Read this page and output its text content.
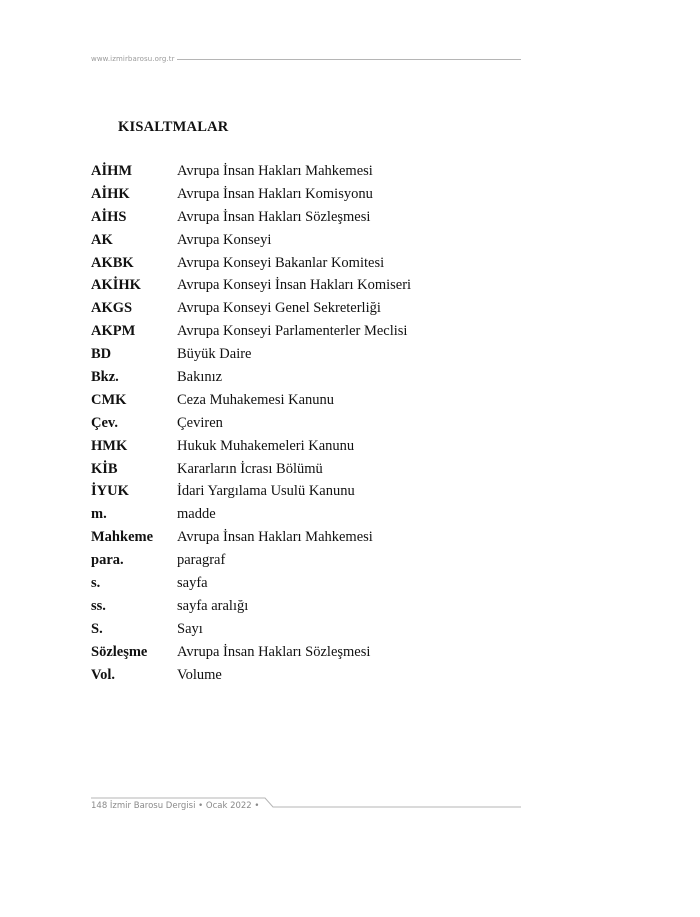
www.izmirbarosu.org.tr
KISALTMALAR
AİHM	Avrupa İnsan Hakları Mahkemesi
AİHK	Avrupa İnsan Hakları Komisyonu
AİHS	Avrupa İnsan Hakları Sözleşmesi
AK	Avrupa Konseyi
AKBK	Avrupa Konseyi Bakanlar Komitesi
AKİHK	Avrupa Konseyi İnsan Hakları Komiseri
AKGS	Avrupa Konseyi Genel Sekreterliği
AKPM	Avrupa Konseyi Parlamenterler Meclisi
BD	Büyük Daire
Bkz.	Bakınız
CMK	Ceza Muhakemesi Kanunu
Çev.	Çeviren
HMK	Hukuk Muhakemeleri Kanunu
KİB	Kararların İcrası Bölümü
İYUK	İdari Yargılama Usulü Kanunu
m.	madde
Mahkeme	Avrupa İnsan Hakları Mahkemesi
para.	paragraf
s.	sayfa
ss.	sayfa aralığı
S.	Sayı
Sözleşme	Avrupa İnsan Hakları Sözleşmesi
Vol.	Volume
148 İzmir Barosu Dergisi • Ocak 2022 •
